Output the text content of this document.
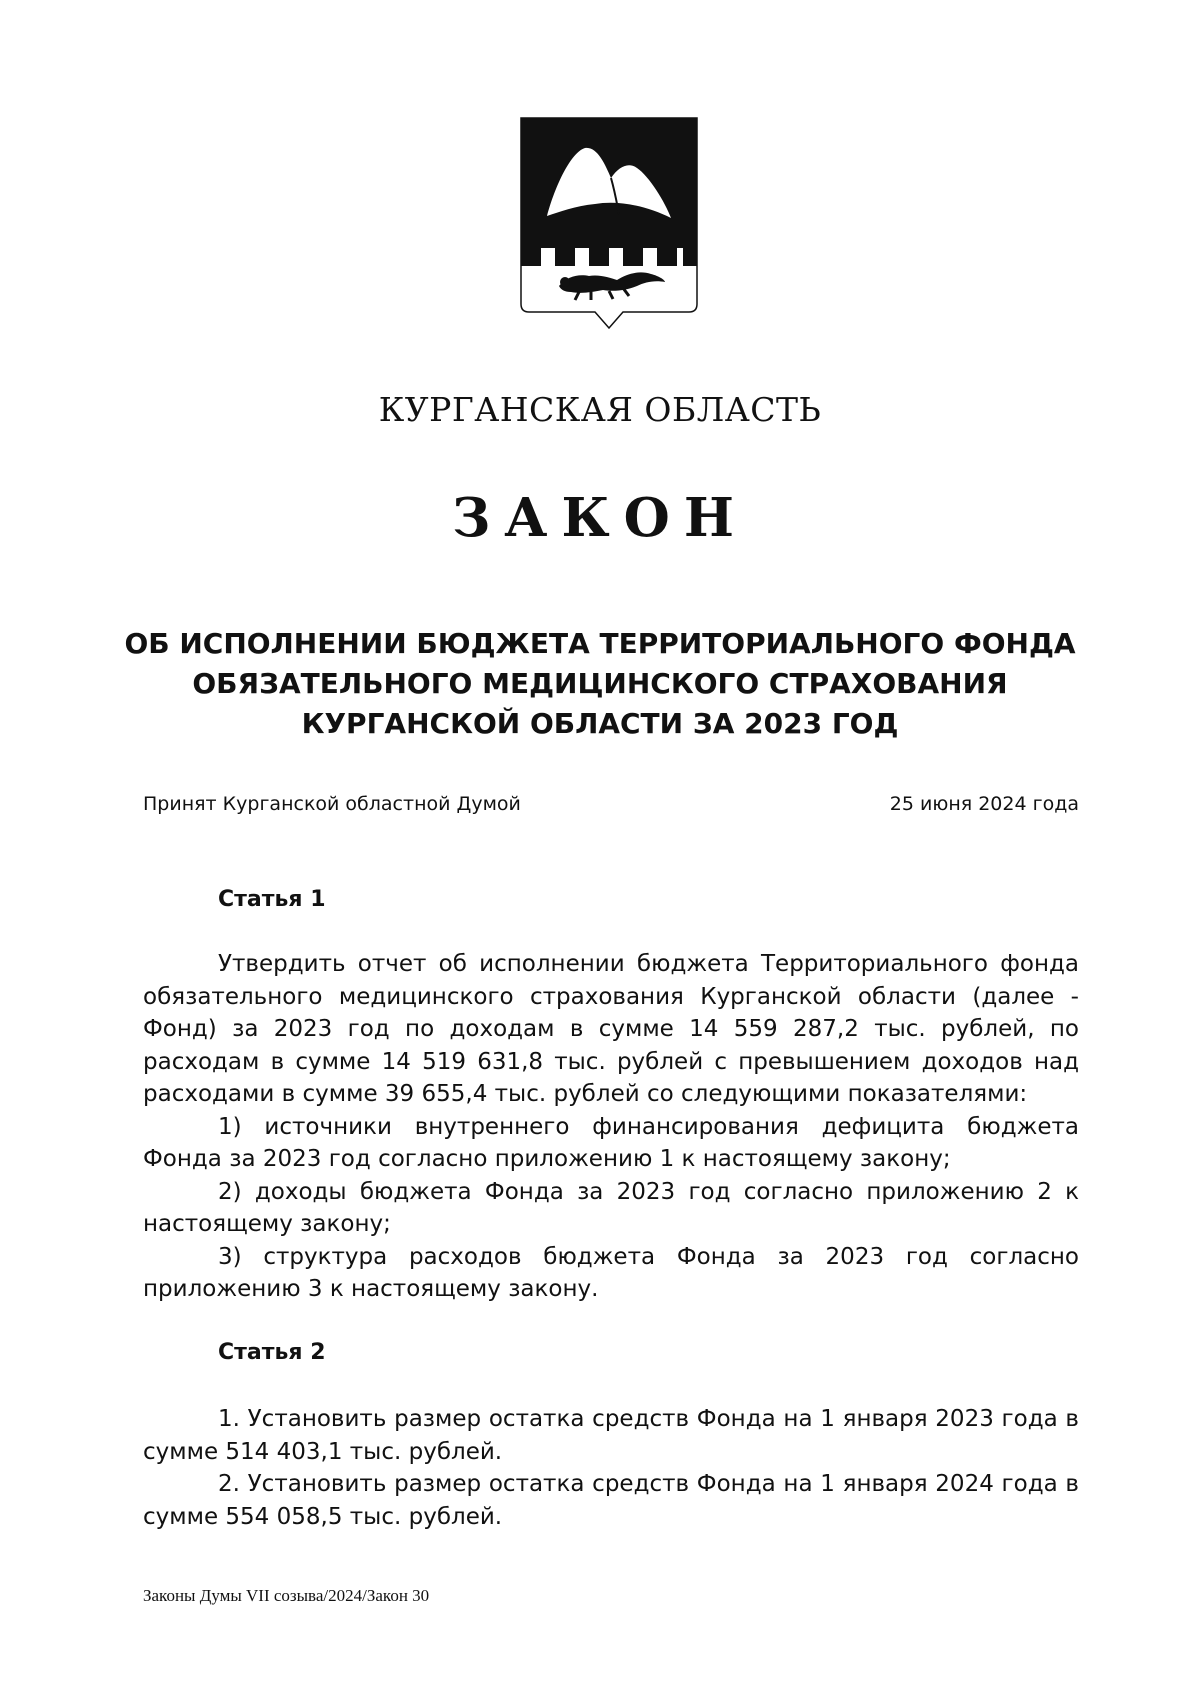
КУРГАНСКАЯ ОБЛАСТЬ
ЗАКОН
ОБ ИСПОЛНЕНИИ БЮДЖЕТА ТЕРРИТОРИАЛЬНОГО ФОНДА
ОБЯЗАТЕЛЬНОГО МЕДИЦИНСКОГО СТРАХОВАНИЯ
КУРГАНСКОЙ ОБЛАСТИ ЗА 2023 ГОД
Принят Курганской областной Думой	25 июня 2024 года
Статья 1

Утвердить отчет об исполнении бюджета Территориального фонда обязательного медицинского страхования Курганской области (далее - Фонд) за 2023 год по доходам в сумме 14 559 287,2 тыс. рублей, по расходам в сумме 14 519 631,8 тыс. рублей с превышением доходов над расходами в сумме 39 655,4 тыс. рублей со следующими показателями:

1) источники внутреннего финансирования дефицита бюджета Фонда за 2023 год согласно приложению 1 к настоящему закону;

2) доходы бюджета Фонда за 2023 год согласно приложению 2 к настоящему закону;

3) структура расходов бюджета Фонда за 2023 год согласно приложению 3 к настоящему закону.

Статья 2

1. Установить размер остатка средств Фонда на 1 января 2023 года в сумме 514 403,1 тыс. рублей.

2. Установить размер остатка средств Фонда на 1 января 2024 года в сумме 554 058,5 тыс. рублей.

Законы Думы VII созыва/2024/Закон 30
